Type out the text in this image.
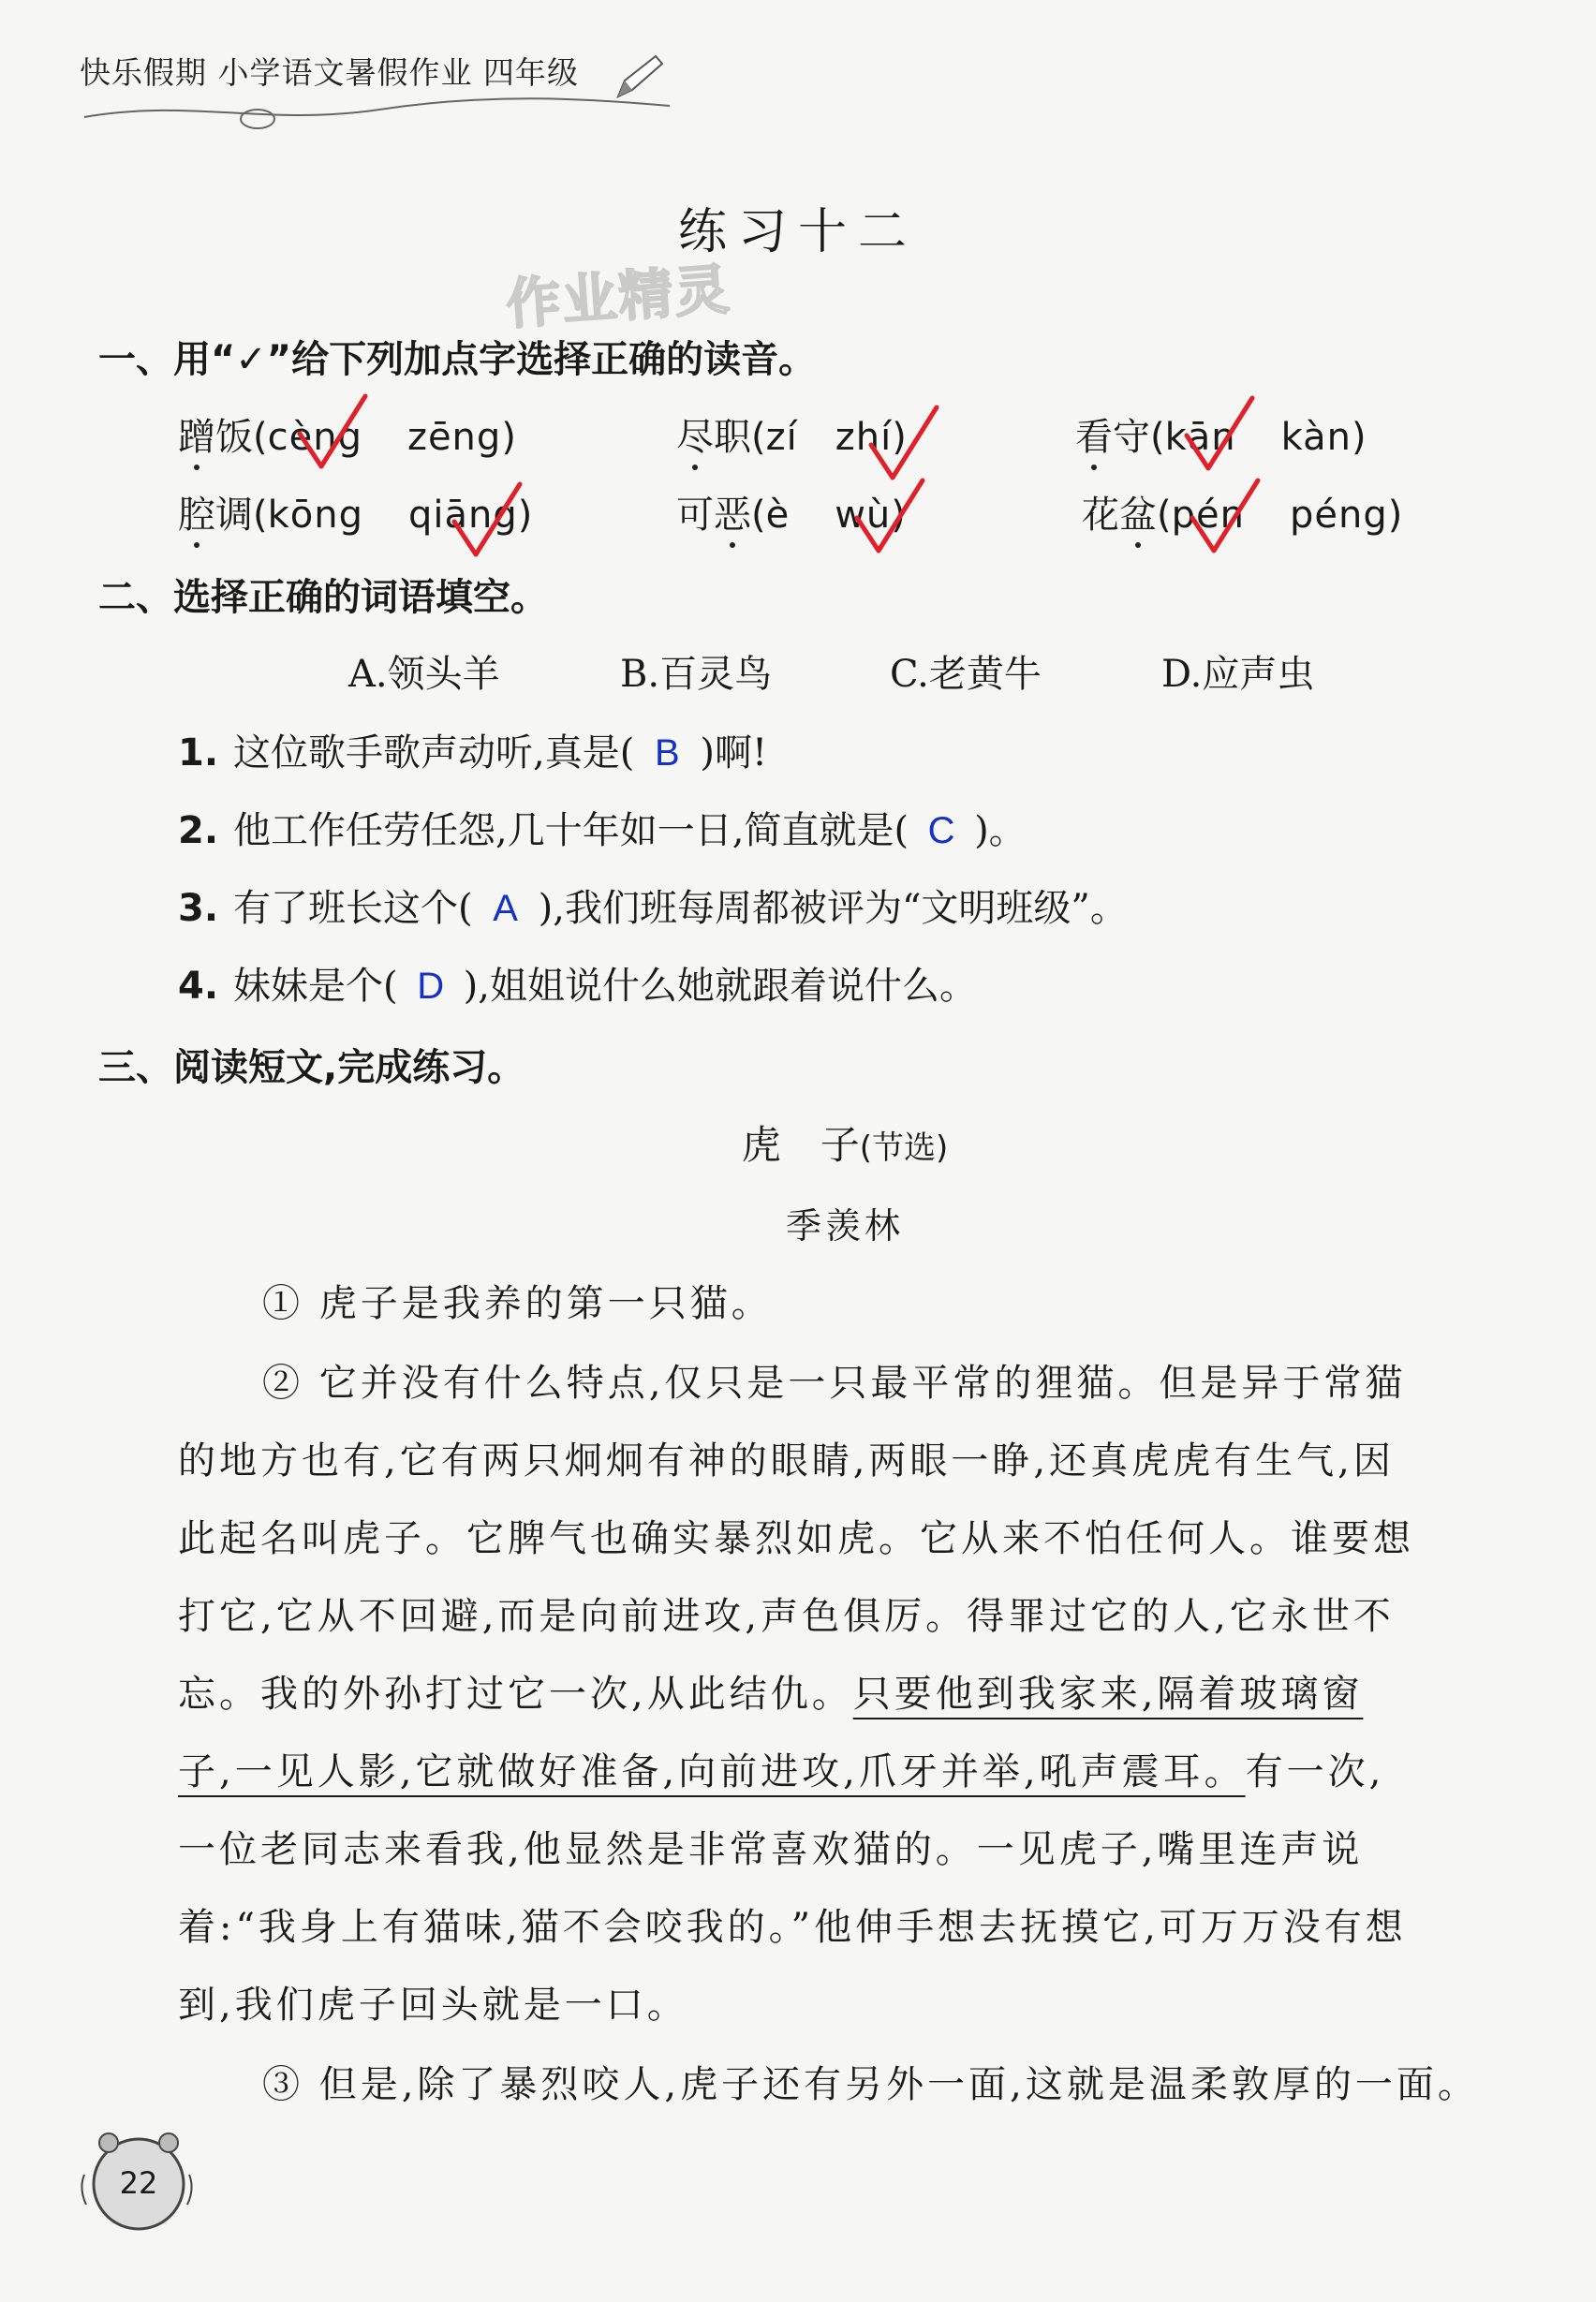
快乐假期 小学语文暑假作业 四年级
练习十二
作业精灵
一、用“✓”给下列加点字选择正确的读音。
蹭饭(cèng zēng)	尽职(zí zhí)	看守(kān kàn)
腔调(kōng qiāng)	可恶(è wù)	花盆(pén péng)
二、选择正确的词语填空。
A.领头羊	B.百灵鸟	C.老黄牛	D.应声虫
1. 这位歌手歌声动听,真是( B )啊!
2. 他工作任劳任怨,几十年如一日,简直就是( C )。
3. 有了班长这个( A ),我们班每周都被评为“文明班级”。
4. 妹妹是个( D ),姐姐说什么她就跟着说什么。
三、阅读短文,完成练习。
虎　子(节选)
季羡林
① 虎子是我养的第一只猫。
② 它并没有什么特点,仅只是一只最平常的狸猫。但是异于常猫
的地方也有,它有两只炯炯有神的眼睛,两眼一睁,还真虎虎有生气,因
此起名叫虎子。它脾气也确实暴烈如虎。它从来不怕任何人。谁要想
打它,它从不回避,而是向前进攻,声色俱厉。得罪过它的人,它永世不
忘。我的外孙打过它一次,从此结仇。只要他到我家来,隔着玻璃窗
子,一见人影,它就做好准备,向前进攻,爪牙并举,吼声震耳。有一次,
一位老同志来看我,他显然是非常喜欢猫的。一见虎子,嘴里连声说
着:“我身上有猫味,猫不会咬我的。”他伸手想去抚摸它,可万万没有想
到,我们虎子回头就是一口。
③ 但是,除了暴烈咬人,虎子还有另外一面,这就是温柔敦厚的一面。
22
